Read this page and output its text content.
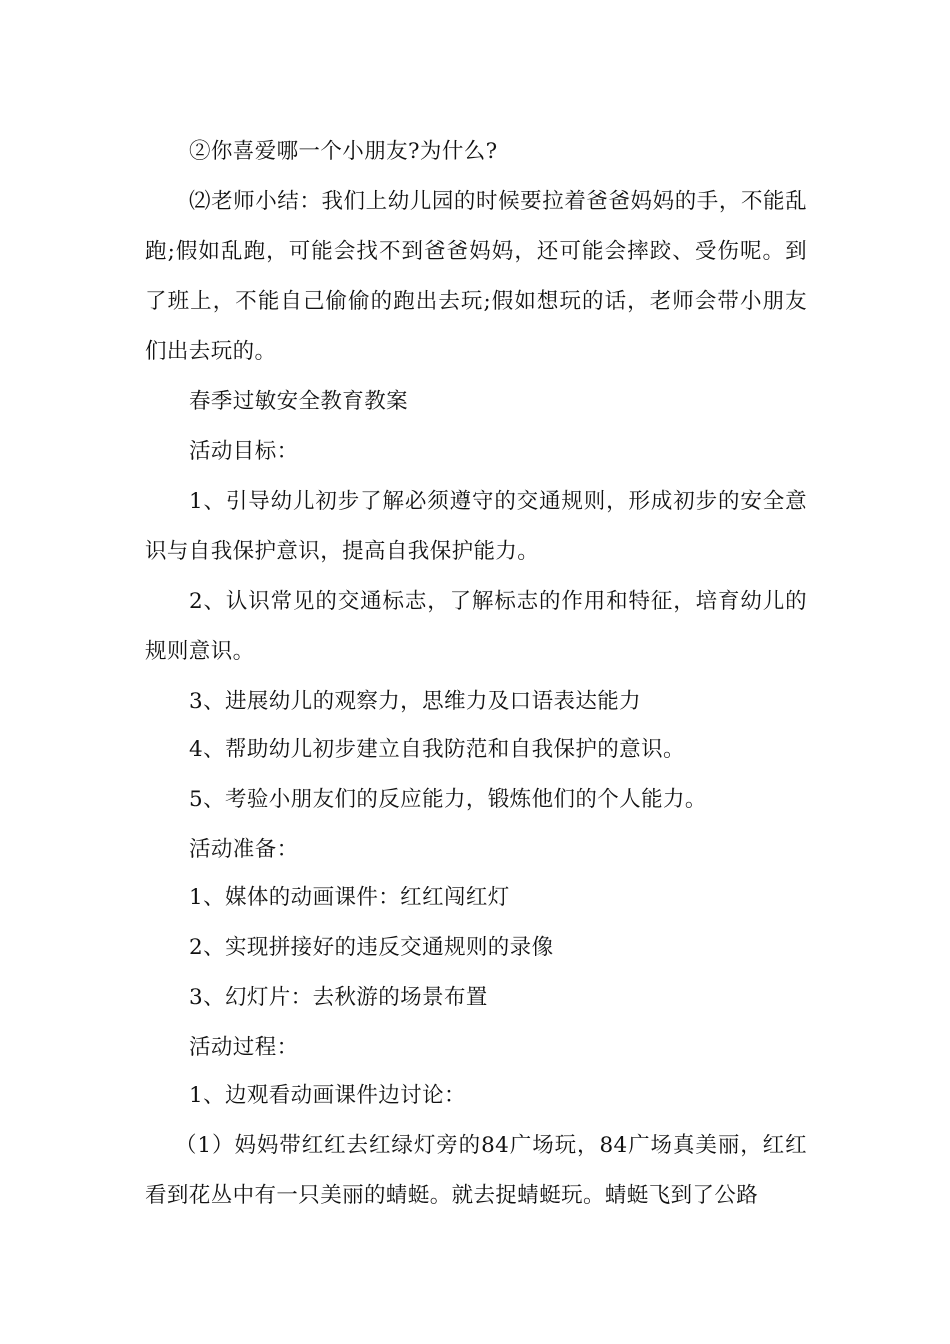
②你喜爱哪一个小朋友?为什么?

⑵老师小结：我们上幼儿园的时候要拉着爸爸妈妈的手，不能乱跑;假如乱跑，可能会找不到爸爸妈妈，还可能会摔跤、受伤呢。到了班上，不能自己偷偷的跑出去玩;假如想玩的话，老师会带小朋友们出去玩的。

春季过敏安全教育教案

活动目标：

1、引导幼儿初步了解必须遵守的交通规则，形成初步的安全意识与自我保护意识，提高自我保护能力。

2、认识常见的交通标志，了解标志的作用和特征，培育幼儿的规则意识。

3、进展幼儿的观察力，思维力及口语表达能力

4、帮助幼儿初步建立自我防范和自我保护的意识。

5、考验小朋友们的反应能力，锻炼他们的个人能力。

活动准备：

1、媒体的动画课件：红红闯红灯

2、实现拼接好的违反交通规则的录像

3、幻灯片：去秋游的场景布置

活动过程：

1、边观看动画课件边讨论：

（1）妈妈带红红去红绿灯旁的84广场玩，84广场真美丽，红红看到花丛中有一只美丽的蜻蜓。就去捉蜻蜓玩。蜻蜓飞到了公路
